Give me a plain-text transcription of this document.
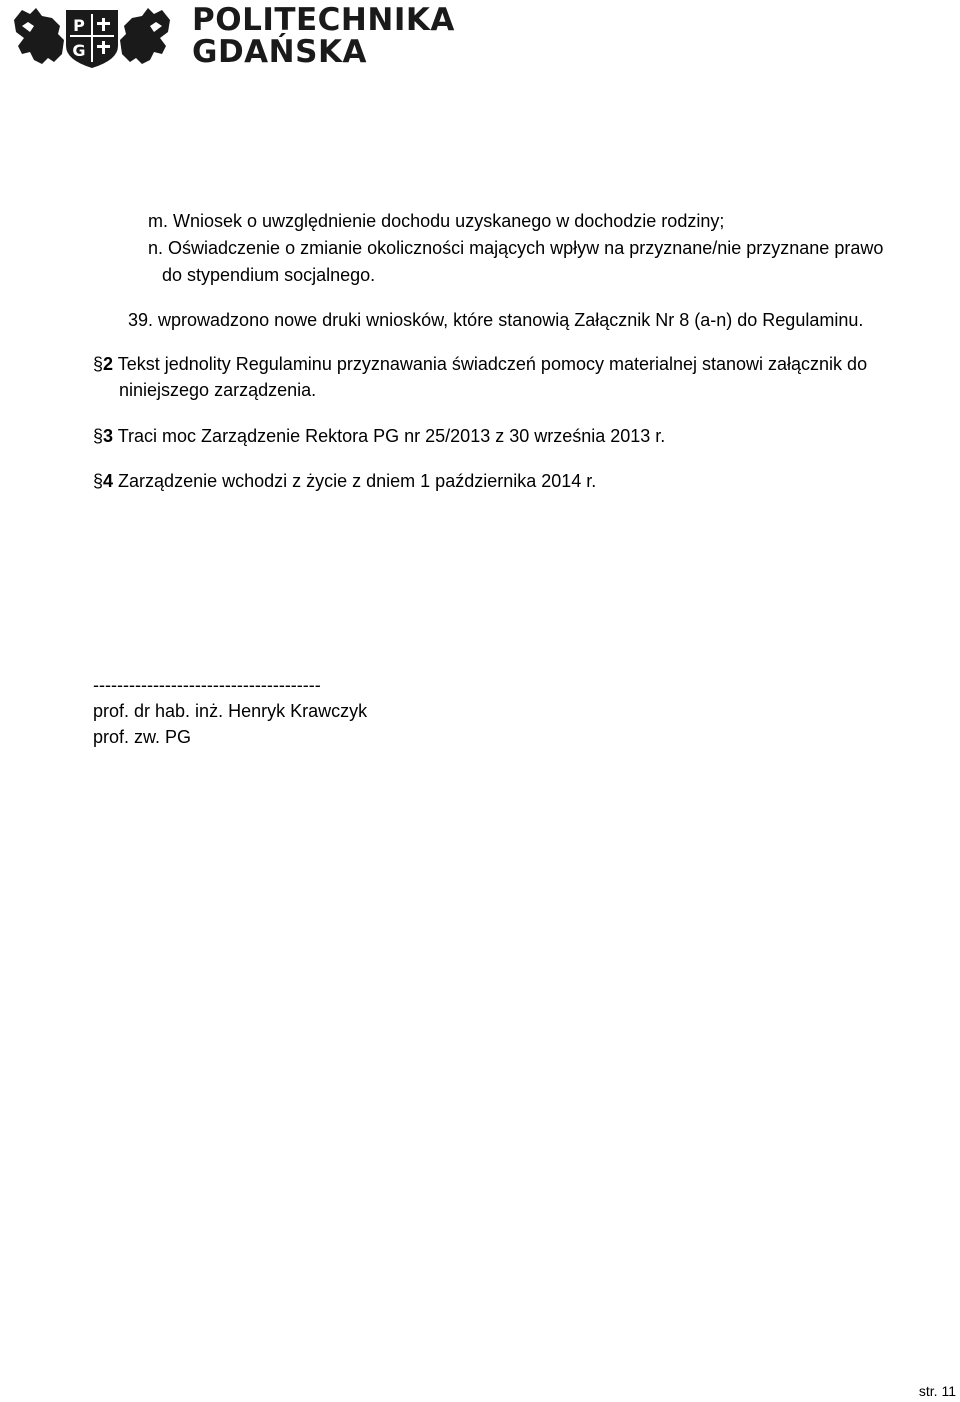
P
G
POLITECHNIKA
GDAŃSKA
m. Wniosek o uwzględnienie dochodu uzyskanego w dochodzie rodziny;
n. Oświadczenie o zmianie okoliczności mających wpływ na przyznane/nie przyznane prawo
do stypendium socjalnego.
39. wprowadzono nowe druki wniosków, które stanowią Załącznik Nr 8 (a-n) do Regulaminu.
§2 Tekst jednolity Regulaminu przyznawania świadczeń pomocy materialnej stanowi załącznik do
niniejszego zarządzenia.
§3 Traci moc Zarządzenie Rektora PG nr 25/2013 z 30 września 2013 r.
§4 Zarządzenie wchodzi z życie z dniem 1 października 2014 r.
--------------------------------------
prof. dr hab. inż. Henryk Krawczyk
prof. zw. PG
str. 11
